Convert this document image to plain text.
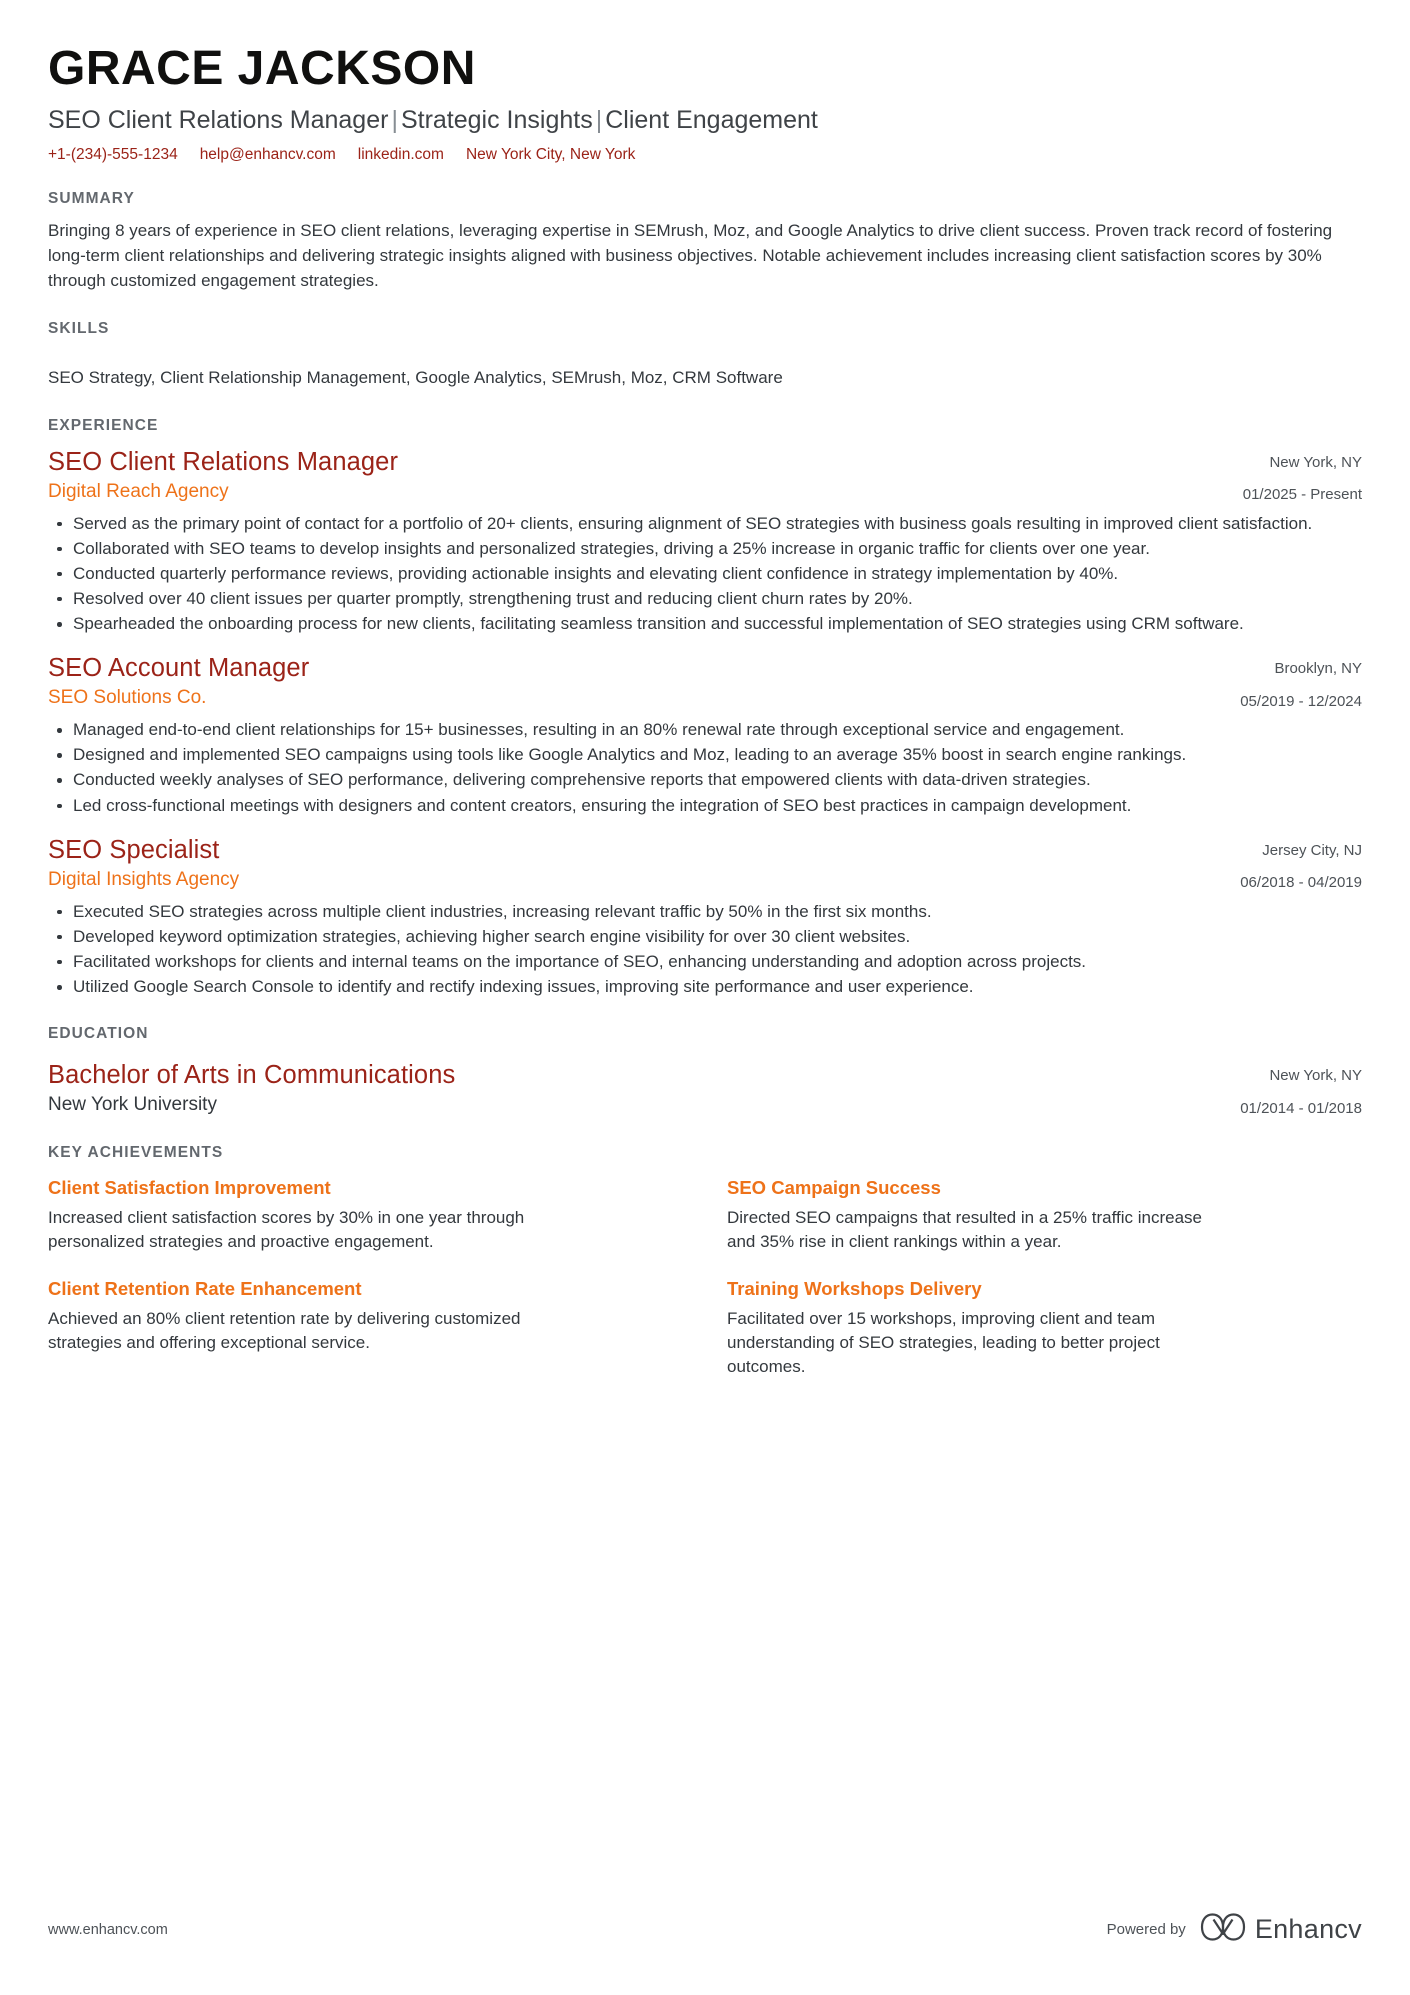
GRACE JACKSON
SEO Client Relations Manager | Strategic Insights | Client Engagement
+1-(234)-555-1234 help@enhancv.com linkedin.com New York City, New York
SUMMARY
Bringing 8 years of experience in SEO client relations, leveraging expertise in SEMrush, Moz, and Google Analytics to drive client success. Proven track record of fostering long-term client relationships and delivering strategic insights aligned with business objectives. Notable achievement includes increasing client satisfaction scores by 30% through customized engagement strategies.
SKILLS
SEO Strategy, Client Relationship Management, Google Analytics, SEMrush, Moz, CRM Software
EXPERIENCE
SEO Client Relations Manager
Digital Reach Agency
New York, NY
01/2025 - Present
Served as the primary point of contact for a portfolio of 20+ clients, ensuring alignment of SEO strategies with business goals resulting in improved client satisfaction.
Collaborated with SEO teams to develop insights and personalized strategies, driving a 25% increase in organic traffic for clients over one year.
Conducted quarterly performance reviews, providing actionable insights and elevating client confidence in strategy implementation by 40%.
Resolved over 40 client issues per quarter promptly, strengthening trust and reducing client churn rates by 20%.
Spearheaded the onboarding process for new clients, facilitating seamless transition and successful implementation of SEO strategies using CRM software.
SEO Account Manager
SEO Solutions Co.
Brooklyn, NY
05/2019 - 12/2024
Managed end-to-end client relationships for 15+ businesses, resulting in an 80% renewal rate through exceptional service and engagement.
Designed and implemented SEO campaigns using tools like Google Analytics and Moz, leading to an average 35% boost in search engine rankings.
Conducted weekly analyses of SEO performance, delivering comprehensive reports that empowered clients with data-driven strategies.
Led cross-functional meetings with designers and content creators, ensuring the integration of SEO best practices in campaign development.
SEO Specialist
Digital Insights Agency
Jersey City, NJ
06/2018 - 04/2019
Executed SEO strategies across multiple client industries, increasing relevant traffic by 50% in the first six months.
Developed keyword optimization strategies, achieving higher search engine visibility for over 30 client websites.
Facilitated workshops for clients and internal teams on the importance of SEO, enhancing understanding and adoption across projects.
Utilized Google Search Console to identify and rectify indexing issues, improving site performance and user experience.
EDUCATION
Bachelor of Arts in Communications
New York University
New York, NY
01/2014 - 01/2018
KEY ACHIEVEMENTS
Client Satisfaction Improvement
Increased client satisfaction scores by 30% in one year through personalized strategies and proactive engagement.
SEO Campaign Success
Directed SEO campaigns that resulted in a 25% traffic increase and 35% rise in client rankings within a year.
Client Retention Rate Enhancement
Achieved an 80% client retention rate by delivering customized strategies and offering exceptional service.
Training Workshops Delivery
Facilitated over 15 workshops, improving client and team understanding of SEO strategies, leading to better project outcomes.
www.enhancv.com	Powered by	Enhancv
